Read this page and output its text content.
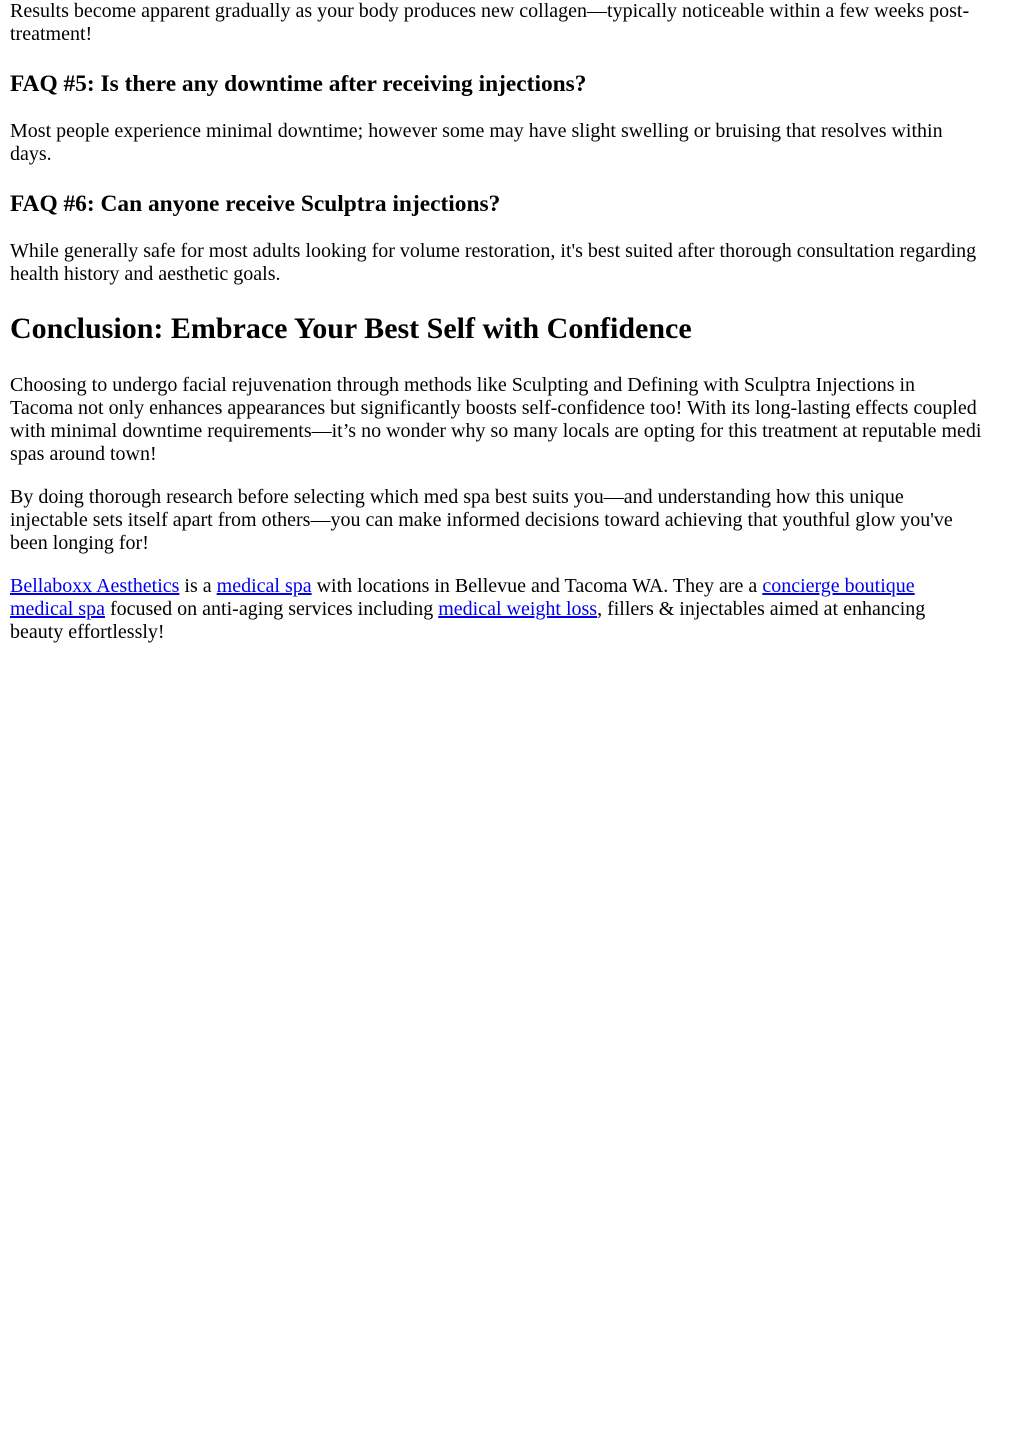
Results become apparent gradually as your body produces new collagen—typically noticeable within a few weeks post-
treatment!

FAQ #5: Is there any downtime after receiving injections?

Most people experience minimal downtime; however some may have slight swelling or bruising that resolves within
days.

FAQ #6: Can anyone receive Sculptra injections?

While generally safe for most adults looking for volume restoration, it's best suited after thorough consultation regarding
health history and aesthetic goals.

Conclusion: Embrace Your Best Self with Confidence

Choosing to undergo facial rejuvenation through methods like Sculpting and Defining with Sculptra Injections in
Tacoma not only enhances appearances but significantly boosts self-confidence too! With its long-lasting effects coupled
with minimal downtime requirements—it’s no wonder why so many locals are opting for this treatment at reputable medi
spas around town!

By doing thorough research before selecting which med spa best suits you—and understanding how this unique
injectable sets itself apart from others—you can make informed decisions toward achieving that youthful glow you've
been longing for!

Bellaboxx Aesthetics is a medical spa with locations in Bellevue and Tacoma WA. They are a concierge boutique
medical spa focused on anti-aging services including medical weight loss, fillers & injectables aimed at enhancing
beauty effortlessly!
